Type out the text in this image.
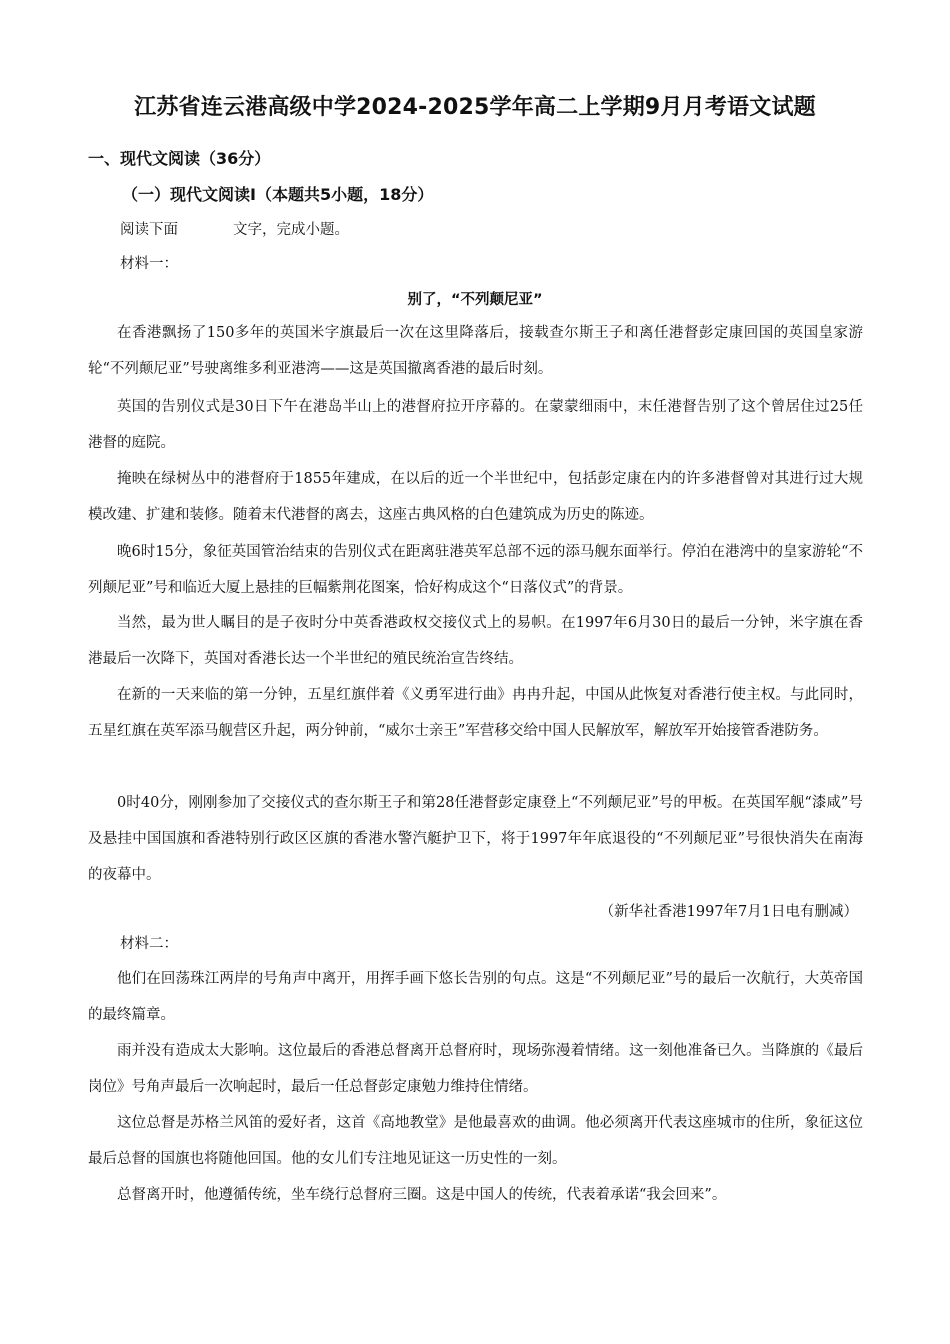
江苏省连云港高级中学2024-2025学年高二上学期9月月考语文试题
一、现代文阅读（36分）
（一）现代文阅读Ⅰ（本题共5小题，18分）
阅读下面	文字，完成小题。
材料一：
别了，“不列颠尼亚”
在香港飘扬了150多年的英国米字旗最后一次在这里降落后，接载查尔斯王子和离任港督彭定康回国的英国皇家游轮“不列颠尼亚”号驶离维多利亚港湾——这是英国撤离香港的最后时刻。
英国的告别仪式是30日下午在港岛半山上的港督府拉开序幕的。在蒙蒙细雨中，末任港督告别了这个曾居住过25任港督的庭院。
掩映在绿树丛中的港督府于1855年建成，在以后的近一个半世纪中，包括彭定康在内的许多港督曾对其进行过大规模改建、扩建和装修。随着末代港督的离去，这座古典风格的白色建筑成为历史的陈迹。
晚6时15分，象征英国管治结束的告别仪式在距离驻港英军总部不远的添马舰东面举行。停泊在港湾中的皇家游轮“不列颠尼亚”号和临近大厦上悬挂的巨幅紫荆花图案，恰好构成这个“日落仪式”的背景。
当然，最为世人瞩目的是子夜时分中英香港政权交接仪式上的易帜。在1997年6月30日的最后一分钟，米字旗在香港最后一次降下，英国对香港长达一个半世纪的殖民统治宣告终结。
在新的一天来临的第一分钟，五星红旗伴着《义勇军进行曲》冉冉升起，中国从此恢复对香港行使主权。与此同时，五星红旗在英军添马舰营区升起，两分钟前，“威尔士亲王”军营移交给中国人民解放军，解放军开始接管香港防务。
0时40分，刚刚参加了交接仪式的查尔斯王子和第28任港督彭定康登上“不列颠尼亚”号的甲板。在英国军舰“漆咸”号及悬挂中国国旗和香港特别行政区区旗的香港水警汽艇护卫下，将于1997年年底退役的“不列颠尼亚”号很快消失在南海的夜幕中。
（新华社香港1997年7月1日电有删减）
材料二：
他们在回荡珠江两岸的号角声中离开，用挥手画下悠长告别的句点。这是“不列颠尼亚”号的最后一次航行，大英帝国的最终篇章。
雨并没有造成太大影响。这位最后的香港总督离开总督府时，现场弥漫着情绪。这一刻他准备已久。当降旗的《最后岗位》号角声最后一次响起时，最后一任总督彭定康勉力维持住情绪。
这位总督是苏格兰风笛的爱好者，这首《高地教堂》是他最喜欢的曲调。他必须离开代表这座城市的住所，象征这位最后总督的国旗也将随他回国。他的女儿们专注地见证这一历史性的一刻。
总督离开时，他遵循传统，坐车绕行总督府三圈。这是中国人的传统，代表着承诺“我会回来”。
